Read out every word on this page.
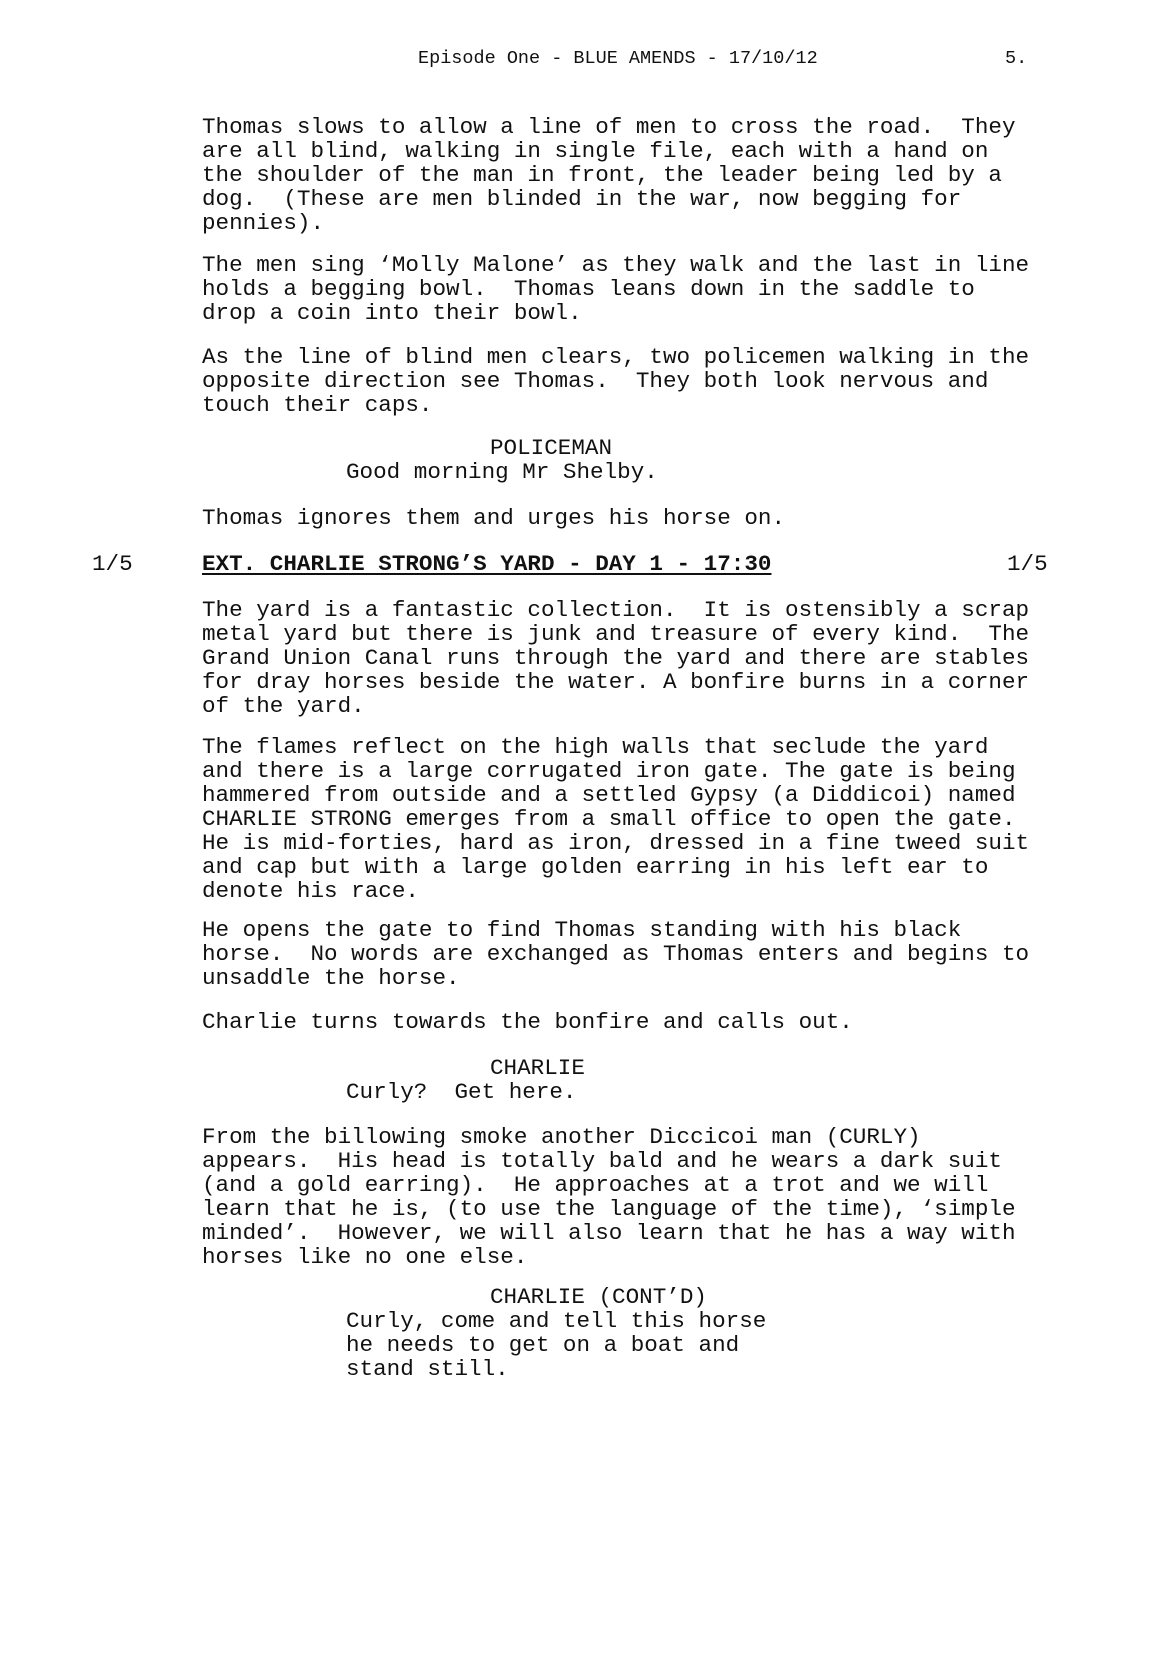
Episode One - BLUE AMENDS - 17/10/12	5.
Thomas slows to allow a line of men to cross the road.  They
are all blind, walking in single file, each with a hand on
the shoulder of the man in front, the leader being led by a
dog.  (These are men blinded in the war, now begging for
pennies).
The men sing ‘Molly Malone’ as they walk and the last in line
holds a begging bowl.  Thomas leans down in the saddle to
drop a coin into their bowl.
As the line of blind men clears, two policemen walking in the
opposite direction see Thomas.  They both look nervous and
touch their caps.
POLICEMAN
Good morning Mr Shelby.
Thomas ignores them and urges his horse on.
1/5	EXT. CHARLIE STRONG’S YARD - DAY 1 - 17:30	1/5
The yard is a fantastic collection.  It is ostensibly a scrap
metal yard but there is junk and treasure of every kind.  The
Grand Union Canal runs through the yard and there are stables
for dray horses beside the water. A bonfire burns in a corner
of the yard.
The flames reflect on the high walls that seclude the yard
and there is a large corrugated iron gate. The gate is being
hammered from outside and a settled Gypsy (a Diddicoi) named
CHARLIE STRONG emerges from a small office to open the gate.
He is mid-forties, hard as iron, dressed in a fine tweed suit
and cap but with a large golden earring in his left ear to
denote his race.
He opens the gate to find Thomas standing with his black
horse.  No words are exchanged as Thomas enters and begins to
unsaddle the horse.
Charlie turns towards the bonfire and calls out.
CHARLIE
Curly?  Get here.
From the billowing smoke another Diccicoi man (CURLY)
appears.  His head is totally bald and he wears a dark suit
(and a gold earring).  He approaches at a trot and we will
learn that he is, (to use the language of the time), ‘simple
minded’.  However, we will also learn that he has a way with
horses like no one else.
CHARLIE (CONT’D)
Curly, come and tell this horse
he needs to get on a boat and
stand still.
